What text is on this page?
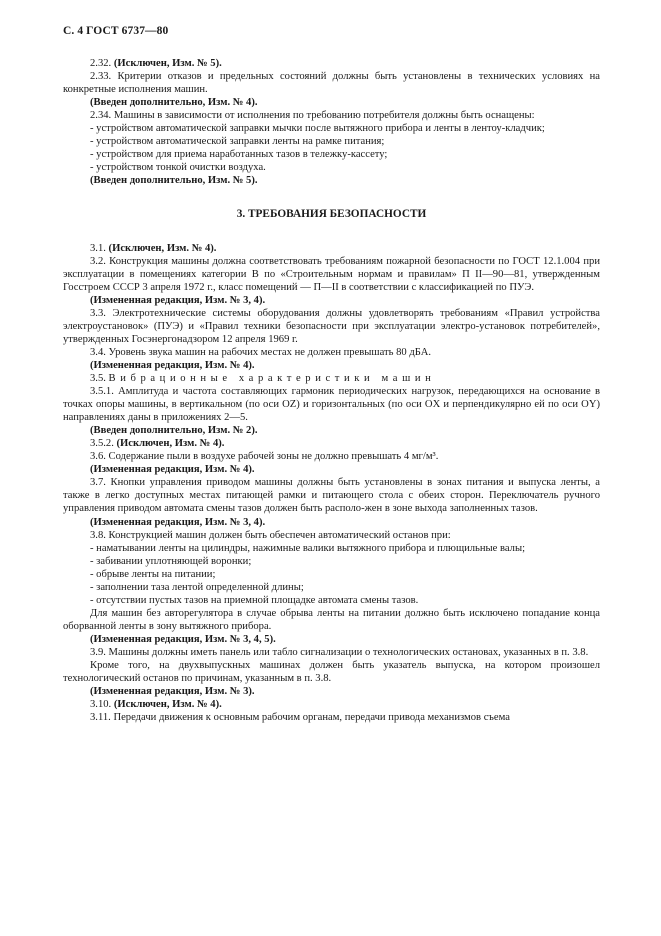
С. 4 ГОСТ 6737—80

2.32. (Исключен, Изм. № 5).

2.33. Критерии отказов и предельных состояний должны быть установлены в технических условиях на конкретные исполнения машин.

(Введен дополнительно, Изм. № 4).

2.34. Машины в зависимости от исполнения по требованию потребителя должны быть оснащены:

- устройством автоматической заправки мычки после вытяжного прибора и ленты в лентоу-кладчик;

- устройством автоматической заправки ленты на рамке питания;

- устройством для приема наработанных тазов в тележку-кассету;

- устройством тонкой очистки воздуха.

(Введен дополнительно, Изм. № 5).

3. ТРЕБОВАНИЯ БЕЗОПАСНОСТИ

3.1. (Исключен, Изм. № 4).

3.2. Конструкция машины должна соответствовать требованиям пожарной безопасности по ГОСТ 12.1.004 при эксплуатации в помещениях категории В по «Строительным нормам и правилам» П II—90—81, утвержденным Госстроем СССР 3 апреля 1972 г., класс помещений — П—II в соответствии с классификацией по ПУЭ.

(Измененная редакция, Изм. № 3, 4).

3.3. Электротехнические системы оборудования должны удовлетворять требованиям «Правил устройства электроустановок» (ПУЭ) и «Правил техники безопасности при эксплуатации электро-установок потребителей», утвержденных Госэнергонадзором 12 апреля 1969 г.

3.4. Уровень звука машин на рабочих местах не должен превышать 80 дБА.

(Измененная редакция, Изм. № 4).

3.5. Вибрационные характеристики машин

3.5.1. Амплитуда и частота составляющих гармоник периодических нагрузок, передающихся на основание в точках опоры машины, в вертикальном (по оси OZ) и горизонтальных (по оси OX и перпендикулярно ей по оси OY) направлениях даны в приложениях 2—5.

(Введен дополнительно, Изм. № 2).

3.5.2. (Исключен, Изм. № 4).

3.6. Содержание пыли в воздухе рабочей зоны не должно превышать 4 мг/м³.

(Измененная редакция, Изм. № 4).

3.7. Кнопки управления приводом машины должны быть установлены в зонах питания и выпуска ленты, а также в легко доступных местах питающей рамки и питающего стола с обеих сторон. Переключатель ручного управления приводом автомата смены тазов должен быть располо-жен в зоне выхода заполненных тазов.

(Измененная редакция, Изм. № 3, 4).

3.8. Конструкцией машин должен быть обеспечен автоматический останов при:

- наматывании ленты на цилиндры, нажимные валики вытяжного прибора и плющильные валы;

- забивании уплотняющей воронки;

- обрыве ленты на питании;

- заполнении таза лентой определенной длины;

- отсутствии пустых тазов на приемной площадке автомата смены тазов.

Для машин без авторегулятора в случае обрыва ленты на питании должно быть исключено попадание конца оборванной ленты в зону вытяжного прибора.

(Измененная редакция, Изм. № 3, 4, 5).

3.9. Машины должны иметь панель или табло сигнализации о технологических остановах, указанных в п. 3.8.

Кроме того, на двухвыпускных машинах должен быть указатель выпуска, на котором произошел технологический останов по причинам, указанным в п. 3.8.

(Измененная редакция, Изм. № 3).

3.10. (Исключен, Изм. № 4).

3.11. Передачи движения к основным рабочим органам, передачи привода механизмов съема
